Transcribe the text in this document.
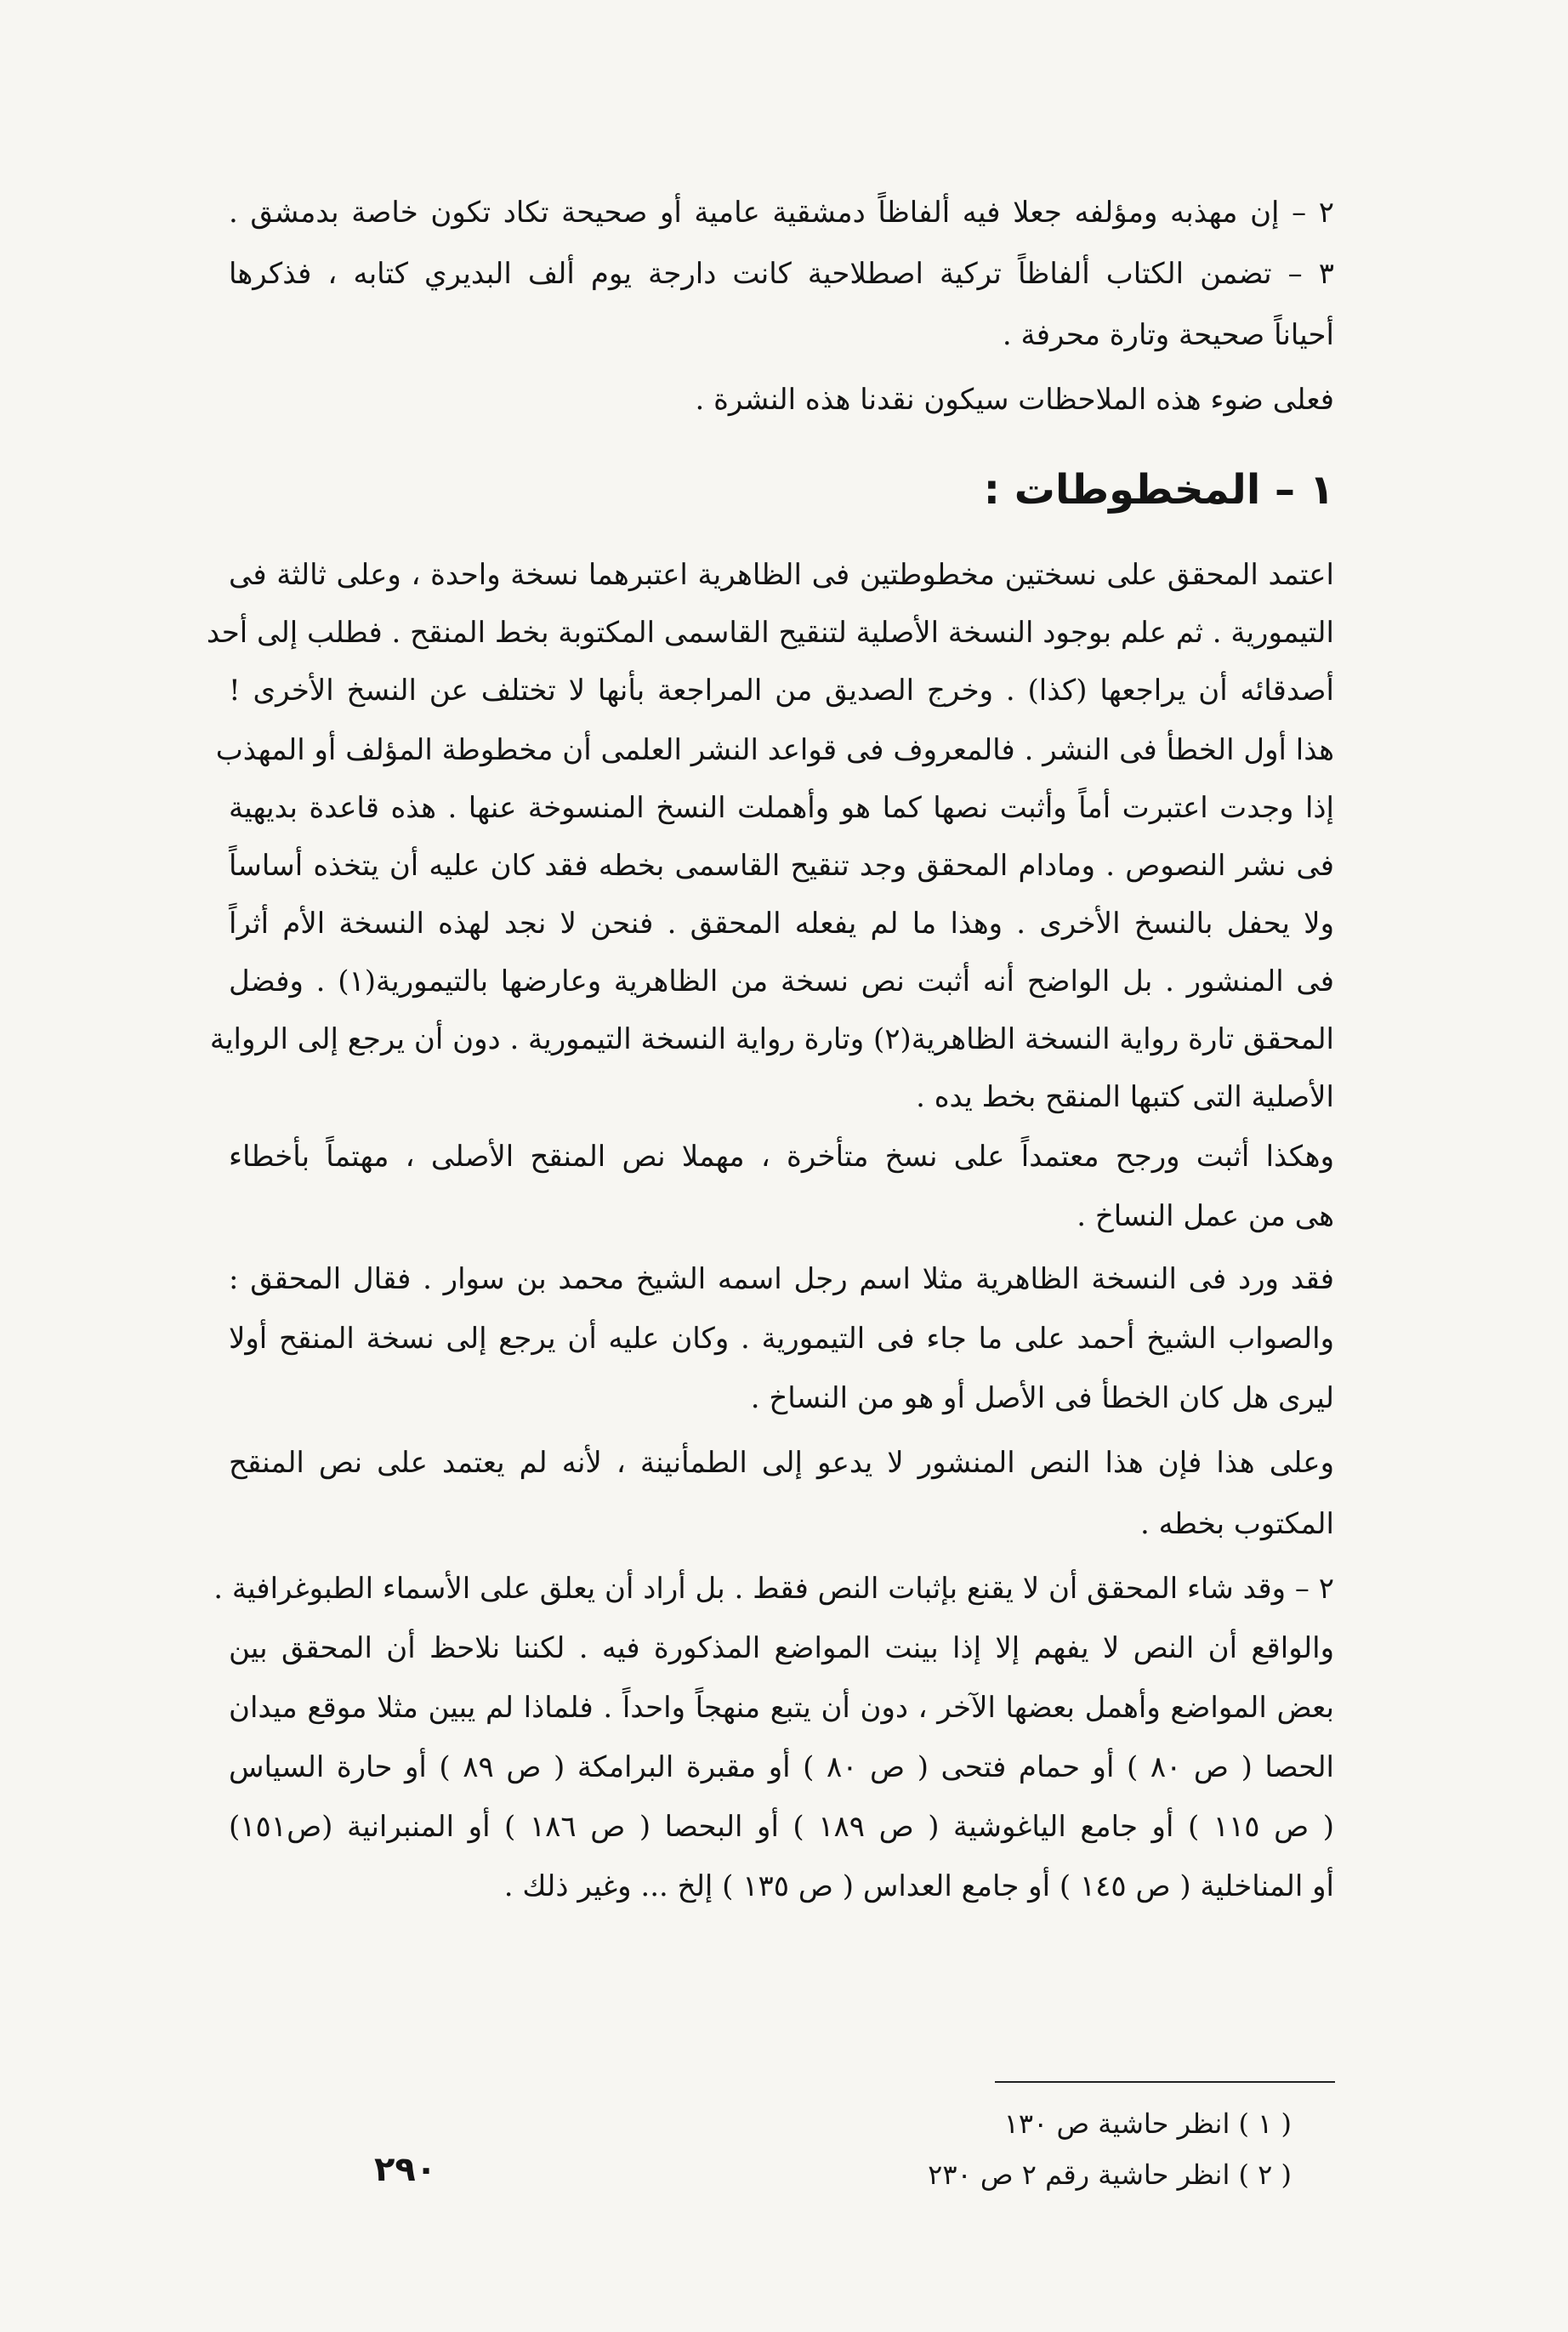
٢ – إن مهذبه ومؤلفه جعلا فيه ألفاظاً دمشقية عامية أو صحيحة تكاد تكون خاصة بدمشق .
٣ – تضمن الكتاب ألفاظاً تركية اصطلاحية كانت دارجة يوم ألف البديري كتابه ، فذكرها
أحياناً صحيحة وتارة محرفة .
فعلى ضوء هذه الملاحظات سيكون نقدنا هذه النشرة .
١ – المخطوطات :
اعتمد المحقق على نسختين مخطوطتين فى الظاهرية اعتبرهما نسخة واحدة ، وعلى ثالثة فى
التيمورية . ثم علم بوجود النسخة الأصلية لتنقيح القاسمى المكتوبة بخط المنقح . فطلب إلى أحد
أصدقائه أن يراجعها (كذا) . وخرج الصديق من المراجعة بأنها لا تختلف عن النسخ الأخرى !
هذا أول الخطأ فى النشر . فالمعروف فى قواعد النشر العلمى أن مخطوطة المؤلف أو المهذب
إذا وجدت اعتبرت أماً وأثبت نصها كما هو وأهملت النسخ المنسوخة عنها . هذه قاعدة بديهية
فى نشر النصوص . ومادام المحقق وجد تنقيح القاسمى بخطه فقد كان عليه أن يتخذه أساساً
ولا يحفل بالنسخ الأخرى . وهذا ما لم يفعله المحقق . فنحن لا نجد لهذه النسخة الأم أثراً
فى المنشور . بل الواضح أنه أثبت نص نسخة من الظاهرية وعارضها بالتيمورية(١) . وفضل
المحقق تارة رواية النسخة الظاهرية(٢) وتارة رواية النسخة التيمورية . دون أن يرجع إلى الرواية
الأصلية التى كتبها المنقح بخط يده .
وهكذا أثبت ورجح معتمداً على نسخ متأخرة ، مهملا نص المنقح الأصلى ، مهتماً بأخطاء
هى من عمل النساخ .
فقد ورد فى النسخة الظاهرية مثلا اسم رجل اسمه الشيخ محمد بن سوار . فقال المحقق :
والصواب الشيخ أحمد على ما جاء فى التيمورية . وكان عليه أن يرجع إلى نسخة المنقح أولا
ليرى هل كان الخطأ فى الأصل أو هو من النساخ .
وعلى هذا فإن هذا النص المنشور لا يدعو إلى الطمأنينة ، لأنه لم يعتمد على نص المنقح
المكتوب بخطه .
٢ – وقد شاء المحقق أن لا يقنع بإثبات النص فقط . بل أراد أن يعلق على الأسماء الطبوغرافية .
والواقع أن النص لا يفهم إلا إذا بينت المواضع المذكورة فيه . لكننا نلاحظ أن المحقق بين
بعض المواضع وأهمل بعضها الآخر ، دون أن يتبع منهجاً واحداً . فلماذا لم يبين مثلا موقع ميدان
الحصا ( ص ٨٠ ) أو حمام فتحى ( ص ٨٠ ) أو مقبرة البرامكة ( ص ٨٩ ) أو حارة السياس
( ص ١١٥ ) أو جامع الياغوشية ( ص ١٨٩ ) أو البحصا ( ص ١٨٦ ) أو المنبرانية (ص١٥١)
أو المناخلية ( ص ١٤٥ ) أو جامع العداس ( ص ١٣٥ ) إلخ ... وغير ذلك .
( ١ ) انظر حاشية ص ١٣٠
( ٢ ) انظر حاشية رقم ٢ ص ٢٣٠
٢٩٠
